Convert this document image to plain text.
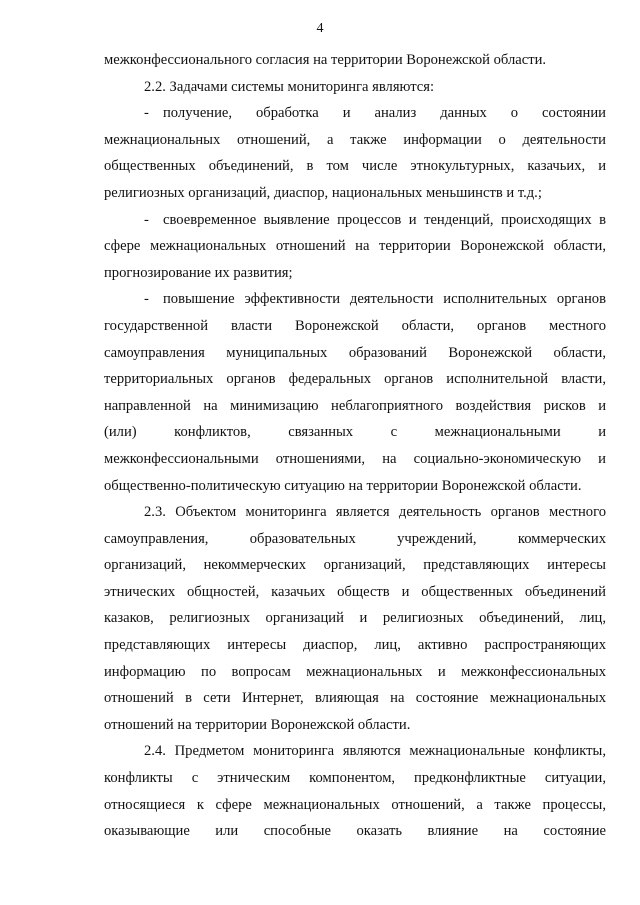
4
межконфессионального согласия на территории Воронежской области.
2.2. Задачами системы мониторинга являются:
- получение, обработка и анализ данных о состоянии
межнациональных отношений, а также информации о деятельности
общественных объединений, в том числе этнокультурных, казачьих, и
религиозных организаций, диаспор, национальных меньшинств и т.д.;
- своевременное выявление процессов и тенденций, происходящих в
сфере межнациональных отношений на территории Воронежской области,
прогнозирование их развития;
- повышение эффективности деятельности исполнительных органов
государственной власти Воронежской области, органов местного
самоуправления муниципальных образований Воронежской области,
территориальных органов федеральных органов исполнительной власти,
направленной на минимизацию неблагоприятного воздействия рисков и
(или) конфликтов, связанных с межнациональными и
межконфессиональными отношениями, на социально-экономическую и
общественно-политическую ситуацию на территории Воронежской области.
2.3. Объектом мониторинга является деятельность органов местного
самоуправления, образовательных учреждений, коммерческих
организаций, некоммерческих организаций, представляющих интересы
этнических общностей, казачьих обществ и общественных объединений
казаков, религиозных организаций и религиозных объединений, лиц,
представляющих интересы диаспор, лиц, активно распространяющих
информацию по вопросам межнациональных и межконфессиональных
отношений в сети Интернет, влияющая на состояние межнациональных
отношений на территории Воронежской области.
2.4. Предметом мониторинга являются межнациональные конфликты,
конфликты с этническим компонентом, предконфликтные ситуации,
относящиеся к сфере межнациональных отношений, а также процессы,
оказывающие или способные оказать влияние на состояние
